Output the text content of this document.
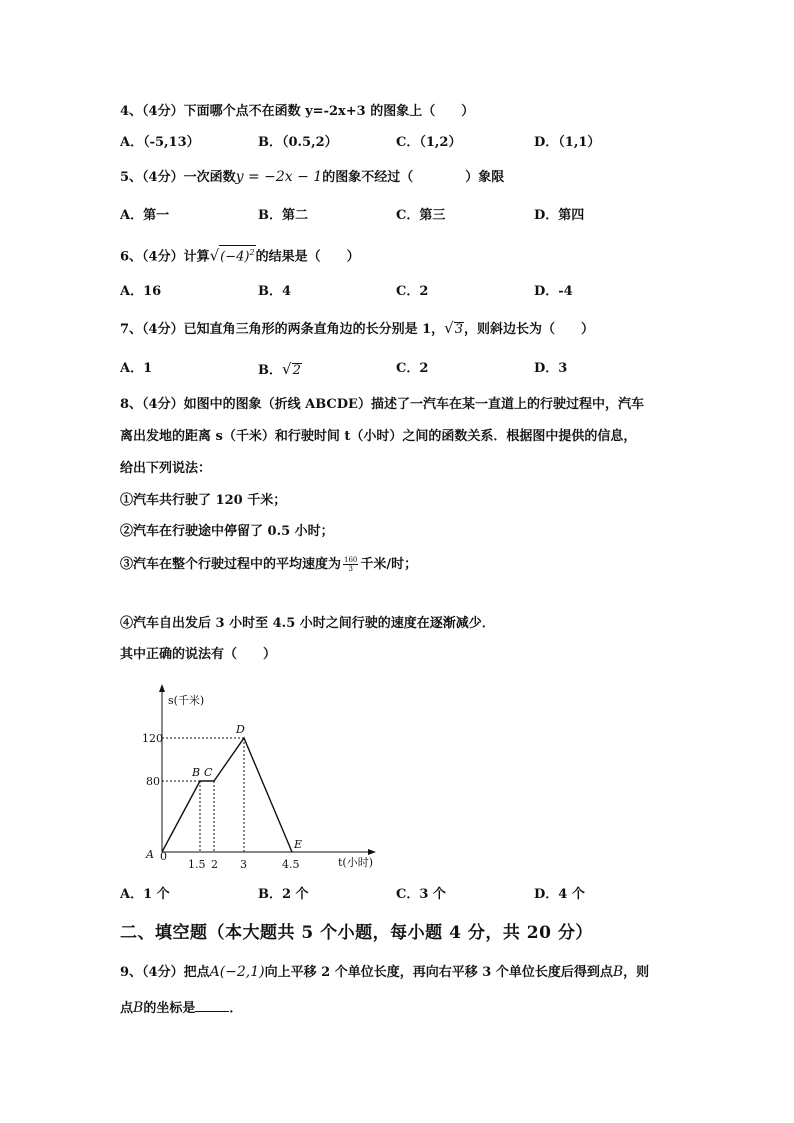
4、（4分）下面哪个点不在函数 y=-2x+3 的图象上（　　）
A．（-5,13）	B．（0.5,2）	C．（1,2）	D．（1,1）
5、（4分）一次函数y = −2x − 1的图象不经过（　　　　）象限
A．第一	B．第二	C．第三	D．第四
6、（4分）计算$√(-4)^2$的结果是（　　）
A．16	B．4	C．2	D．-4
7、（4分）已知直角三角形的两条直角边的长分别是 1，√3，则斜边长为（　　）
A．1	B．√2	C．2	D．3
8、（4分）如图中的图象（折线 ABCDE）描述了一汽车在某一直道上的行驶过程中，汽车
离出发地的距离 s（千米）和行驶时间 t（小时）之间的函数关系．根据图中提供的信息，
给出下列说法：
①汽车共行驶了 120 千米；
②汽车在行驶途中停留了 0.5 小时；
③汽车在整个行驶过程中的平均速度为 $\frac{160}{3}$ 千米/时；
④汽车自出发后 3 小时至 4.5 小时之间行驶的速度在逐渐减少．
其中正确的说法有（　　）
s(千米)
t(小时)
120
80
1.5 2 3	4.5
0
A
B C
D
E
A．1 个	B．2 个	C．3 个	D．4 个
二、填空题（本大题共 5 个小题，每小题 4 分，共 20 分）
9、（4分）把点A(−2,1)向上平移 2 个单位长度，再向右平移 3 个单位长度后得到点B，则
点B的坐标是	．
